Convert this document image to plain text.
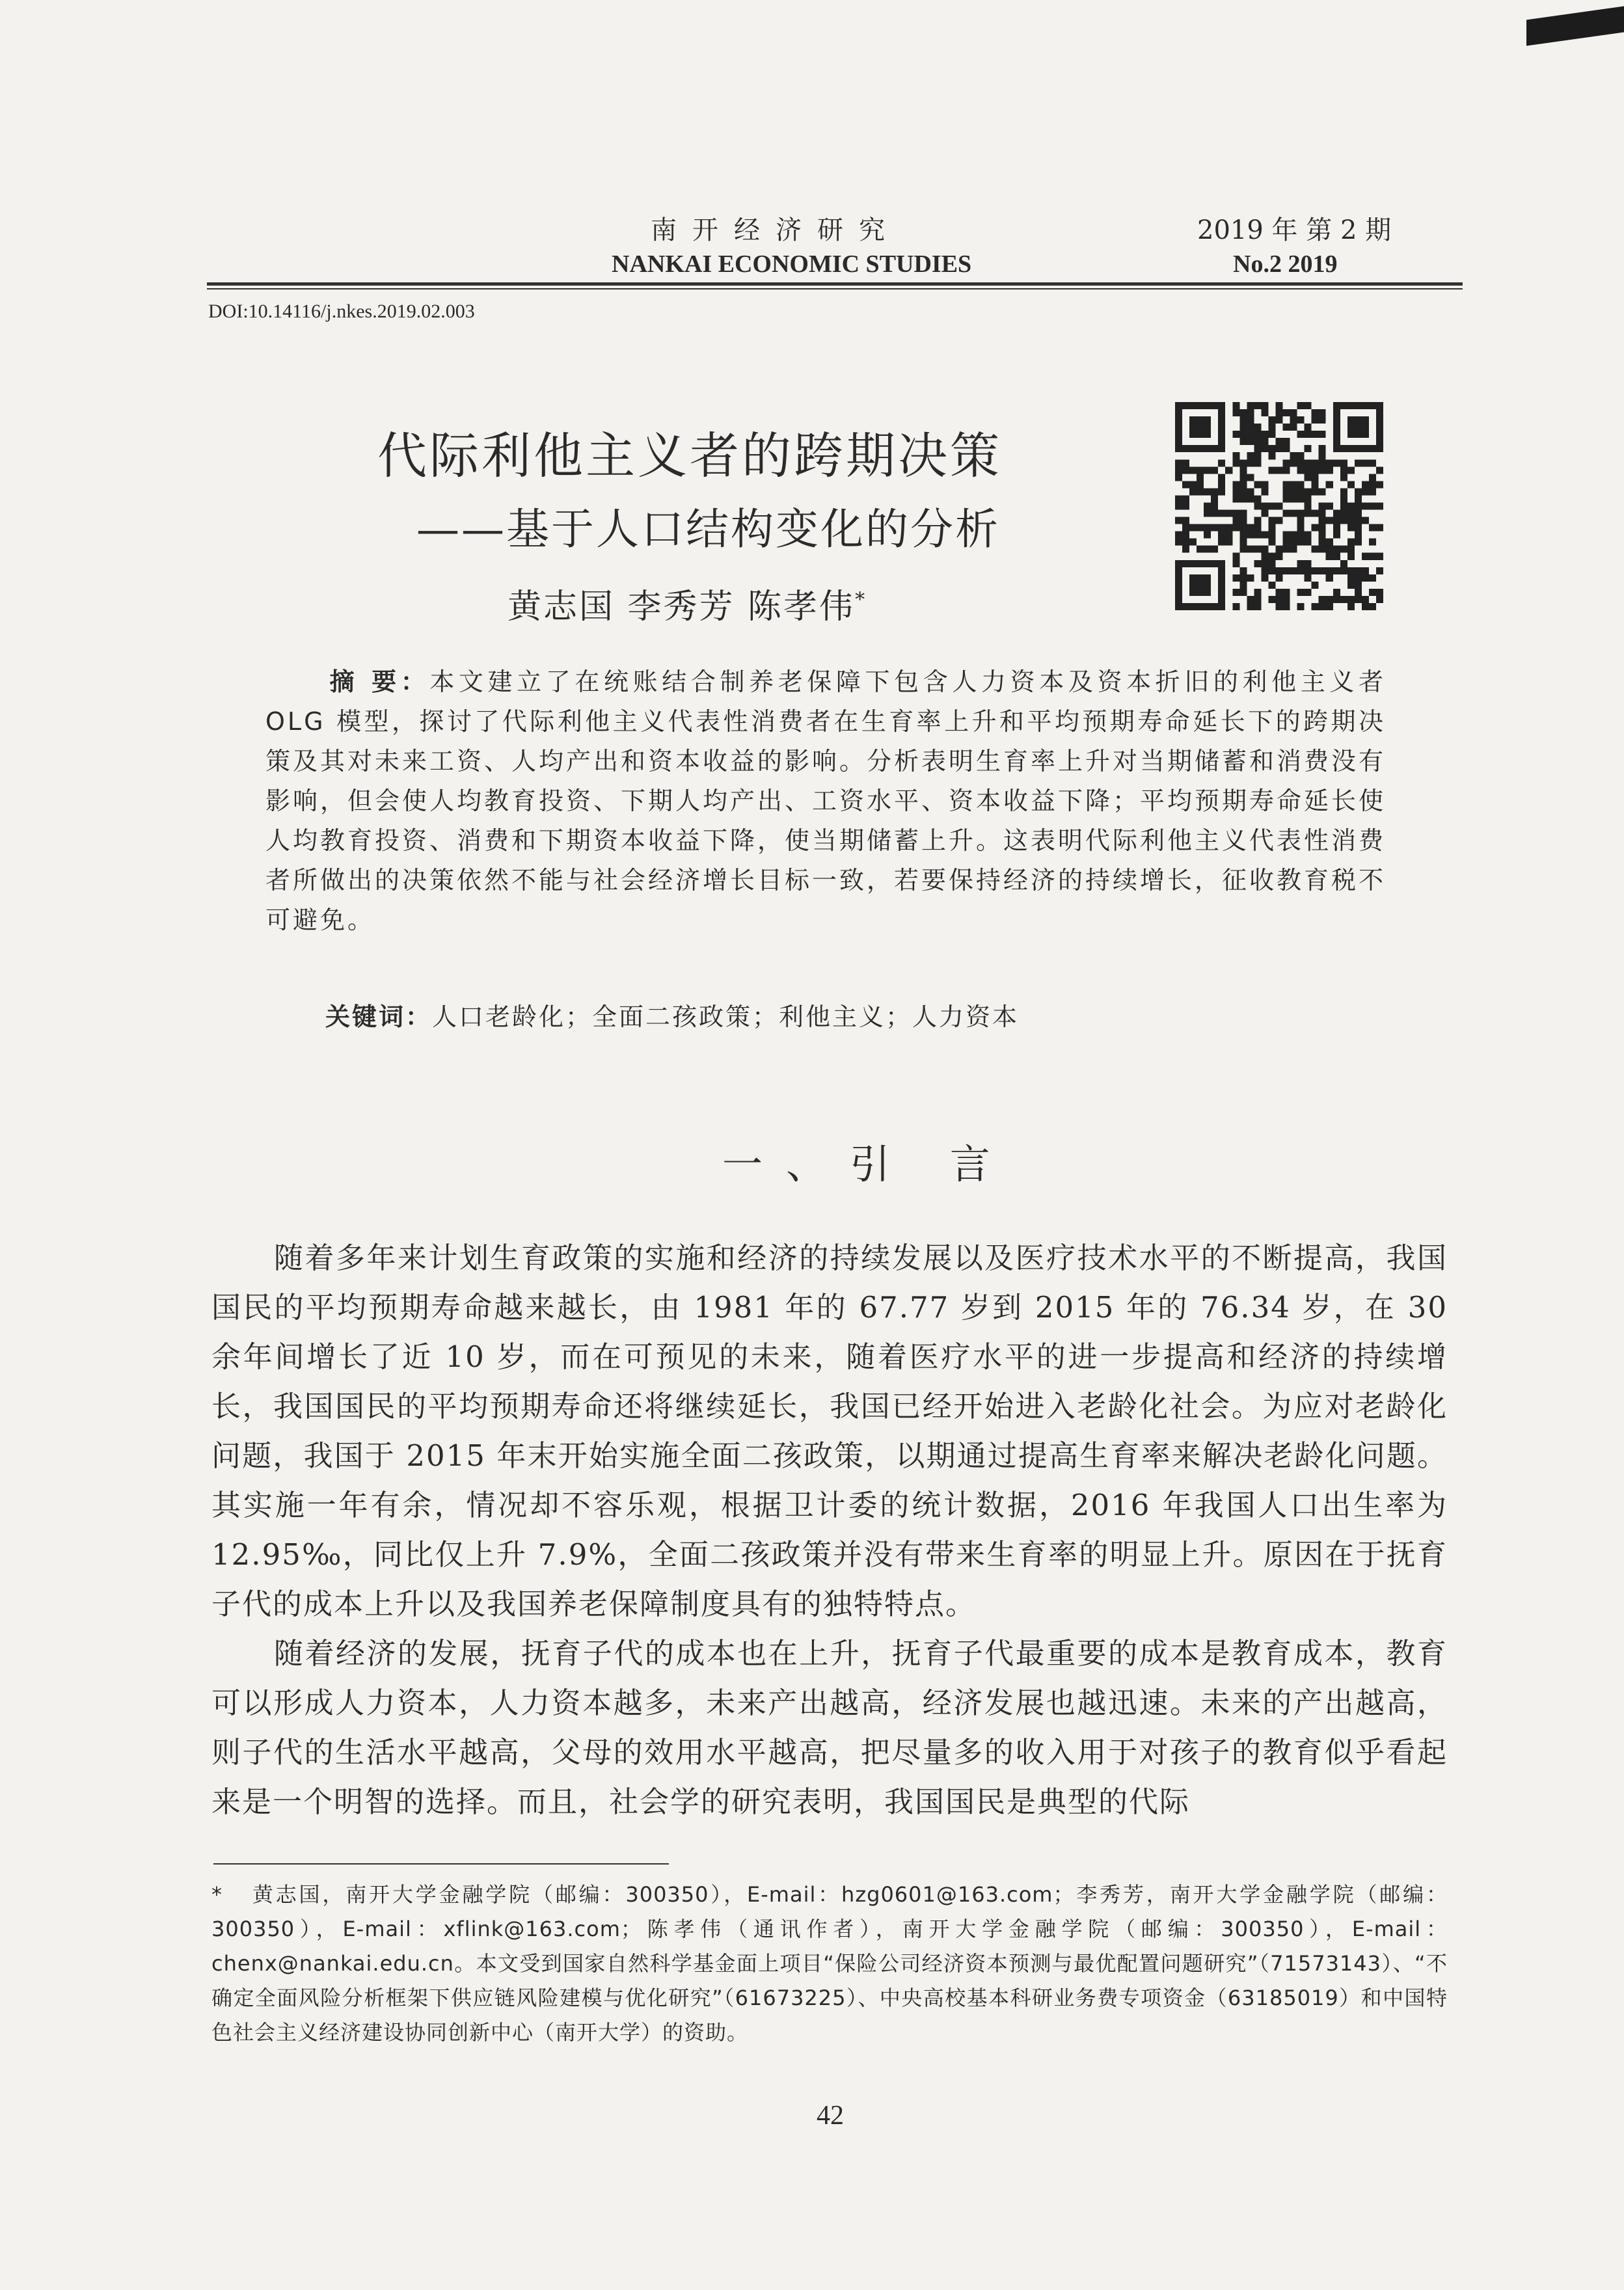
南开经济研究
NANKAI ECONOMIC STUDIES
2019 年 第 2 期
No.2 2019
DOI:10.14116/j.nkes.2019.02.003
代际利他主义者的跨期决策
——基于人口结构变化的分析
黄志国 李秀芳 陈孝伟*
摘 要：本文建立了在统账结合制养老保障下包含人力资本及资本折旧的利他主义者 OLG 模型，探讨了代际利他主义代表性消费者在生育率上升和平均预期寿命延长下的跨期决策及其对未来工资、人均产出和资本收益的影响。分析表明生育率上升对当期储蓄和消费没有影响，但会使人均教育投资、下期人均产出、工资水平、资本收益下降；平均预期寿命延长使人均教育投资、消费和下期资本收益下降，使当期储蓄上升。这表明代际利他主义代表性消费者所做出的决策依然不能与社会经济增长目标一致，若要保持经济的持续增长，征收教育税不可避免。
关键词：人口老龄化；全面二孩政策；利他主义；人力资本
一、引 言

随着多年来计划生育政策的实施和经济的持续发展以及医疗技术水平的不断提高，我国国民的平均预期寿命越来越长，由 1981 年的 67.77 岁到 2015 年的 76.34 岁，在 30 余年间增长了近 10 岁，而在可预见的未来，随着医疗水平的进一步提高和经济的持续增长，我国国民的平均预期寿命还将继续延长，我国已经开始进入老龄化社会。为应对老龄化问题，我国于 2015 年末开始实施全面二孩政策，以期通过提高生育率来解决老龄化问题。其实施一年有余，情况却不容乐观，根据卫计委的统计数据，2016 年我国人口出生率为 12.95‰，同比仅上升 7.9%，全面二孩政策并没有带来生育率的明显上升。原因在于抚育子代的成本上升以及我国养老保障制度具有的独特特点。

随着经济的发展，抚育子代的成本也在上升，抚育子代最重要的成本是教育成本，教育可以形成人力资本，人力资本越多，未来产出越高，经济发展也越迅速。未来的产出越高，则子代的生活水平越高，父母的效用水平越高，把尽量多的收入用于对孩子的教育似乎看起来是一个明智的选择。而且，社会学的研究表明，我国国民是典型的代际

* 黄志国，南开大学金融学院（邮编：300350），E-mail：hzg0601@163.com；李秀芳，南开大学金融学院（邮编：300350），E-mail：xflink@163.com；陈孝伟（通讯作者），南开大学金融学院（邮编：300350），E-mail：chenx@nankai.edu.cn。本文受到国家自然科学基金面上项目“保险公司经济资本预测与最优配置问题研究”（71573143）、“不确定全面风险分析框架下供应链风险建模与优化研究”（61673225）、中央高校基本科研业务费专项资金（63185019）和中国特色社会主义经济建设协同创新中心（南开大学）的资助。
42
